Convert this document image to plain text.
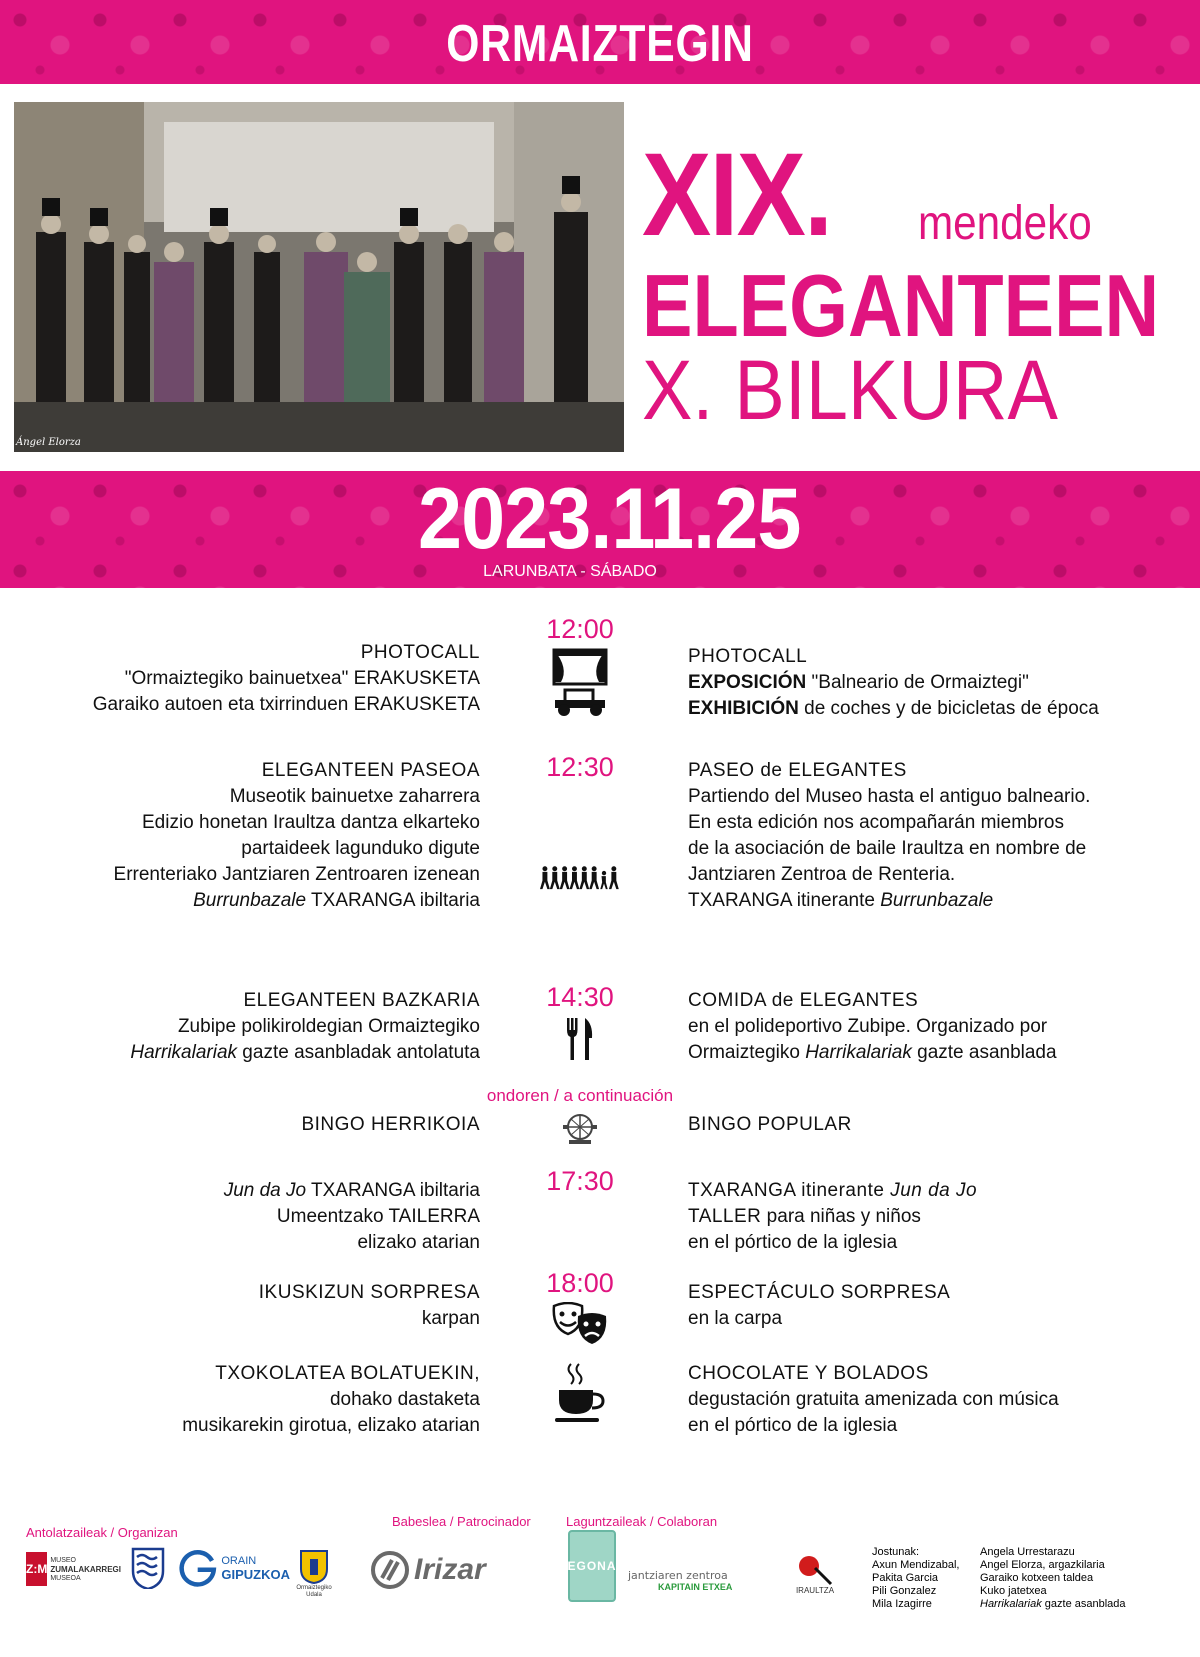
ORMAIZTEGIN
Ángel Elorza
XIX. mendeko
ELEGANTEEN
X. BILKURA
2023.11.25
LARUNBATA - SÁBADO
12:00
PHOTOCALL
"Ormaiztegiko bainuetxea" ERAKUSKETA
Garaiko autoen eta txirrinduen ERAKUSKETA
PHOTOCALL
EXPOSICIÓN "Balneario de Ormaiztegi"
EXHIBICIÓN de coches y de bicicletas de época
12:30
ELEGANTEEN PASEOA
Museotik bainuetxe zaharrera
Edizio honetan Iraultza dantza elkarteko
partaideek lagunduko digute
Errenteriako Jantziaren Zentroaren izenean
Burrunbazale TXARANGA ibiltaria
PASEO de ELEGANTES
Partiendo del Museo hasta el antiguo balneario.
En esta edición nos acompañarán miembros
de la asociación de baile Iraultza en nombre de
Jantziaren Zentroa de Renteria.
TXARANGA itinerante Burrunbazale
14:30
ELEGANTEEN BAZKARIA
Zubipe polikiroldegian Ormaiztegiko
Harrikalariak gazte asanbladak antolatuta
COMIDA de ELEGANTES
en el polideportivo Zubipe. Organizado por
Ormaiztegiko Harrikalariak gazte asanblada
ondoren / a continuación
BINGO HERRIKOIA	BINGO POPULAR
17:30
Jun da Jo TXARANGA ibiltaria
Umeentzako TAILERRA
elizako atarian
TXARANGA itinerante Jun da Jo
TALLER para niñas y niños
en el pórtico de la iglesia
18:00
IKUSKIZUN SORPRESA
karpan
ESPECTÁCULO SORPRESA
en la carpa
TXOKOLATEA BOLATUEKIN,
dohako dastaketa
musikarekin girotua, elizako atarian
CHOCOLATE Y BOLADOS
degustación gratuita amenizada con música
en el pórtico de la iglesia
Antolatzaileak / Organizan
Babeslea / Patrocinador	Laguntzaileak / Colaboran
Z:M
MUSEO
ZUMALAKARREGI
MUSEOA
ORAIN
GIPUZKOA
Ormaiztegiko
Udala
Irizar	EGONA
jantziaren zentroa
KAPITAIN ETXEA	IRAULTZA
Jostunak:
Axun Mendizabal,
Pakita Garcia
Pili Gonzalez
Mila Izagirre
Angela Urrestarazu
Angel Elorza, argazkilaria
Garaiko kotxeen taldea
Kuko jatetxea
Harrikalariak gazte asanblada
